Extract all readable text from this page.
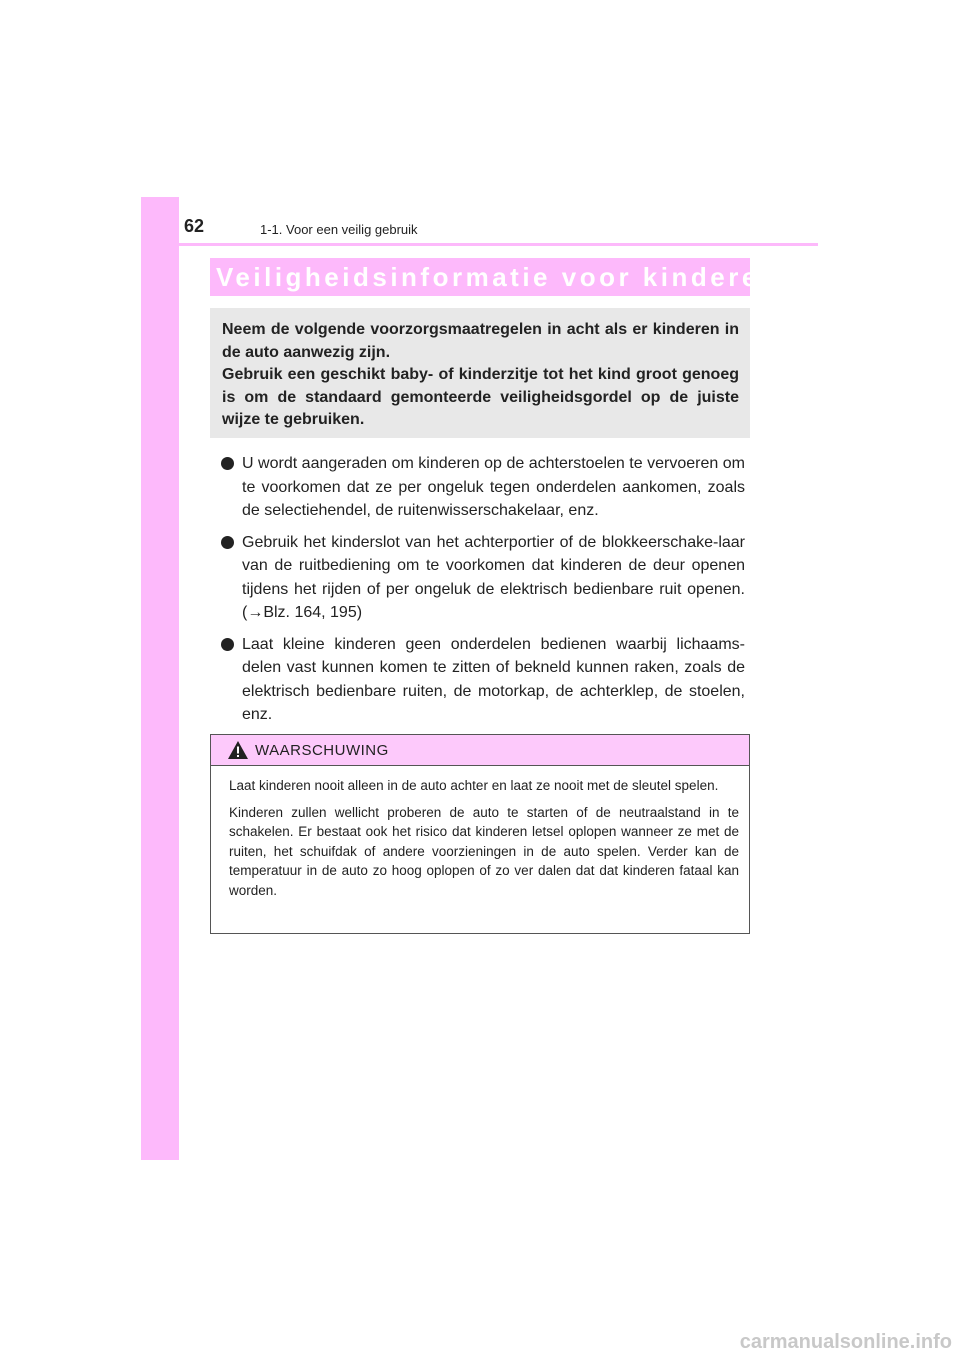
62	1-1. Voor een veilig gebruik
Veiligheidsinformatie voor kinderen

Neem de volgende voorzorgsmaatregelen in acht als er kinderen in de auto aanwezig zijn.

Gebruik een geschikt baby- of kinderzitje tot het kind groot genoeg is om de standaard gemonteerde veiligheidsgordel op de juiste wijze te gebruiken.

U wordt aangeraden om kinderen op de achterstoelen te vervoeren om te voorkomen dat ze per ongeluk tegen onderdelen aankomen, zoals de selectiehendel, de ruitenwisserschakelaar, enz.
Gebruik het kinderslot van het achterportier of de blokkeerschake-laar van de ruitbediening om te voorkomen dat kinderen de deur openen tijdens het rijden of per ongeluk de elektrisch bedienbare ruit openen. (→Blz. 164, 195)
Laat kleine kinderen geen onderdelen bedienen waarbij lichaams-delen vast kunnen komen te zitten of bekneld kunnen raken, zoals de elektrisch bedienbare ruiten, de motorkap, de achterklep, de stoelen, enz.
WAARSCHUWING

Laat kinderen nooit alleen in de auto achter en laat ze nooit met de sleutel spelen.

Kinderen zullen wellicht proberen de auto te starten of de neutraalstand in te schakelen. Er bestaat ook het risico dat kinderen letsel oplopen wanneer ze met de ruiten, het schuifdak of andere voorzieningen in de auto spelen. Verder kan de temperatuur in de auto zo hoog oplopen of zo ver dalen dat dat kinderen fataal kan worden.

carmanualsonline.info
